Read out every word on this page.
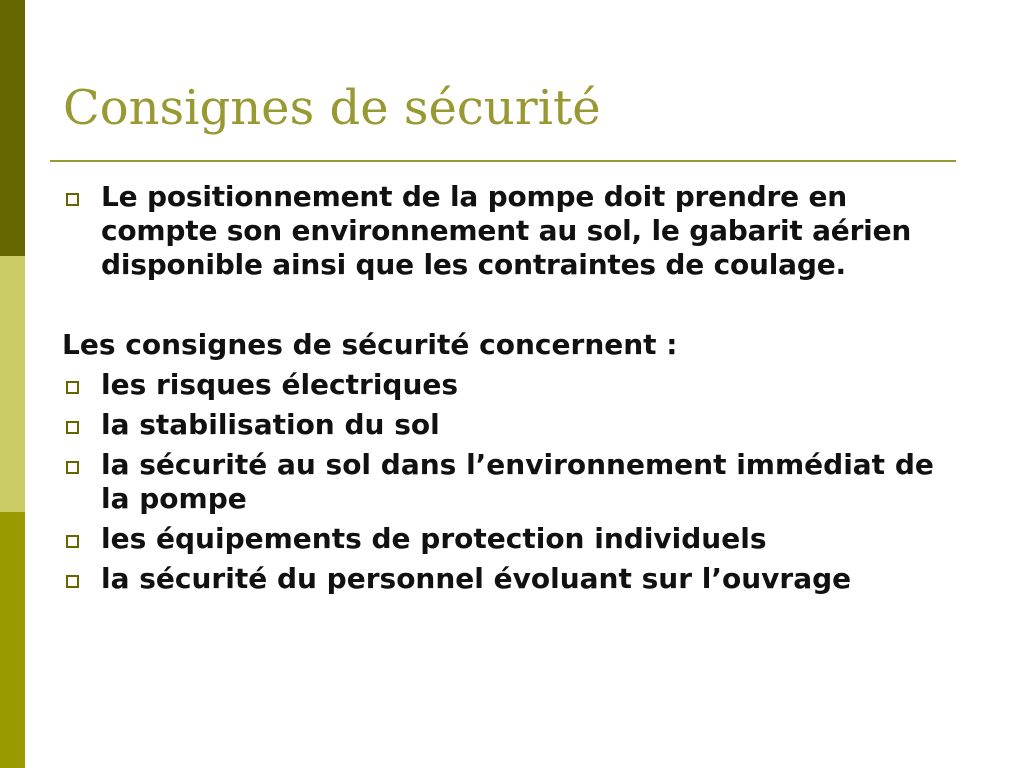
Consignes de sécurité
Le positionnement de la pompe doit prendre en compte son environnement au sol, le gabarit aérien disponible ainsi que les contraintes de coulage.
Les consignes de sécurité concernent :
les risques électriques
la stabilisation du sol
la sécurité au sol dans l’environnement immédiat de la pompe
les équipements de protection individuels
la sécurité du personnel évoluant sur l’ouvrage
